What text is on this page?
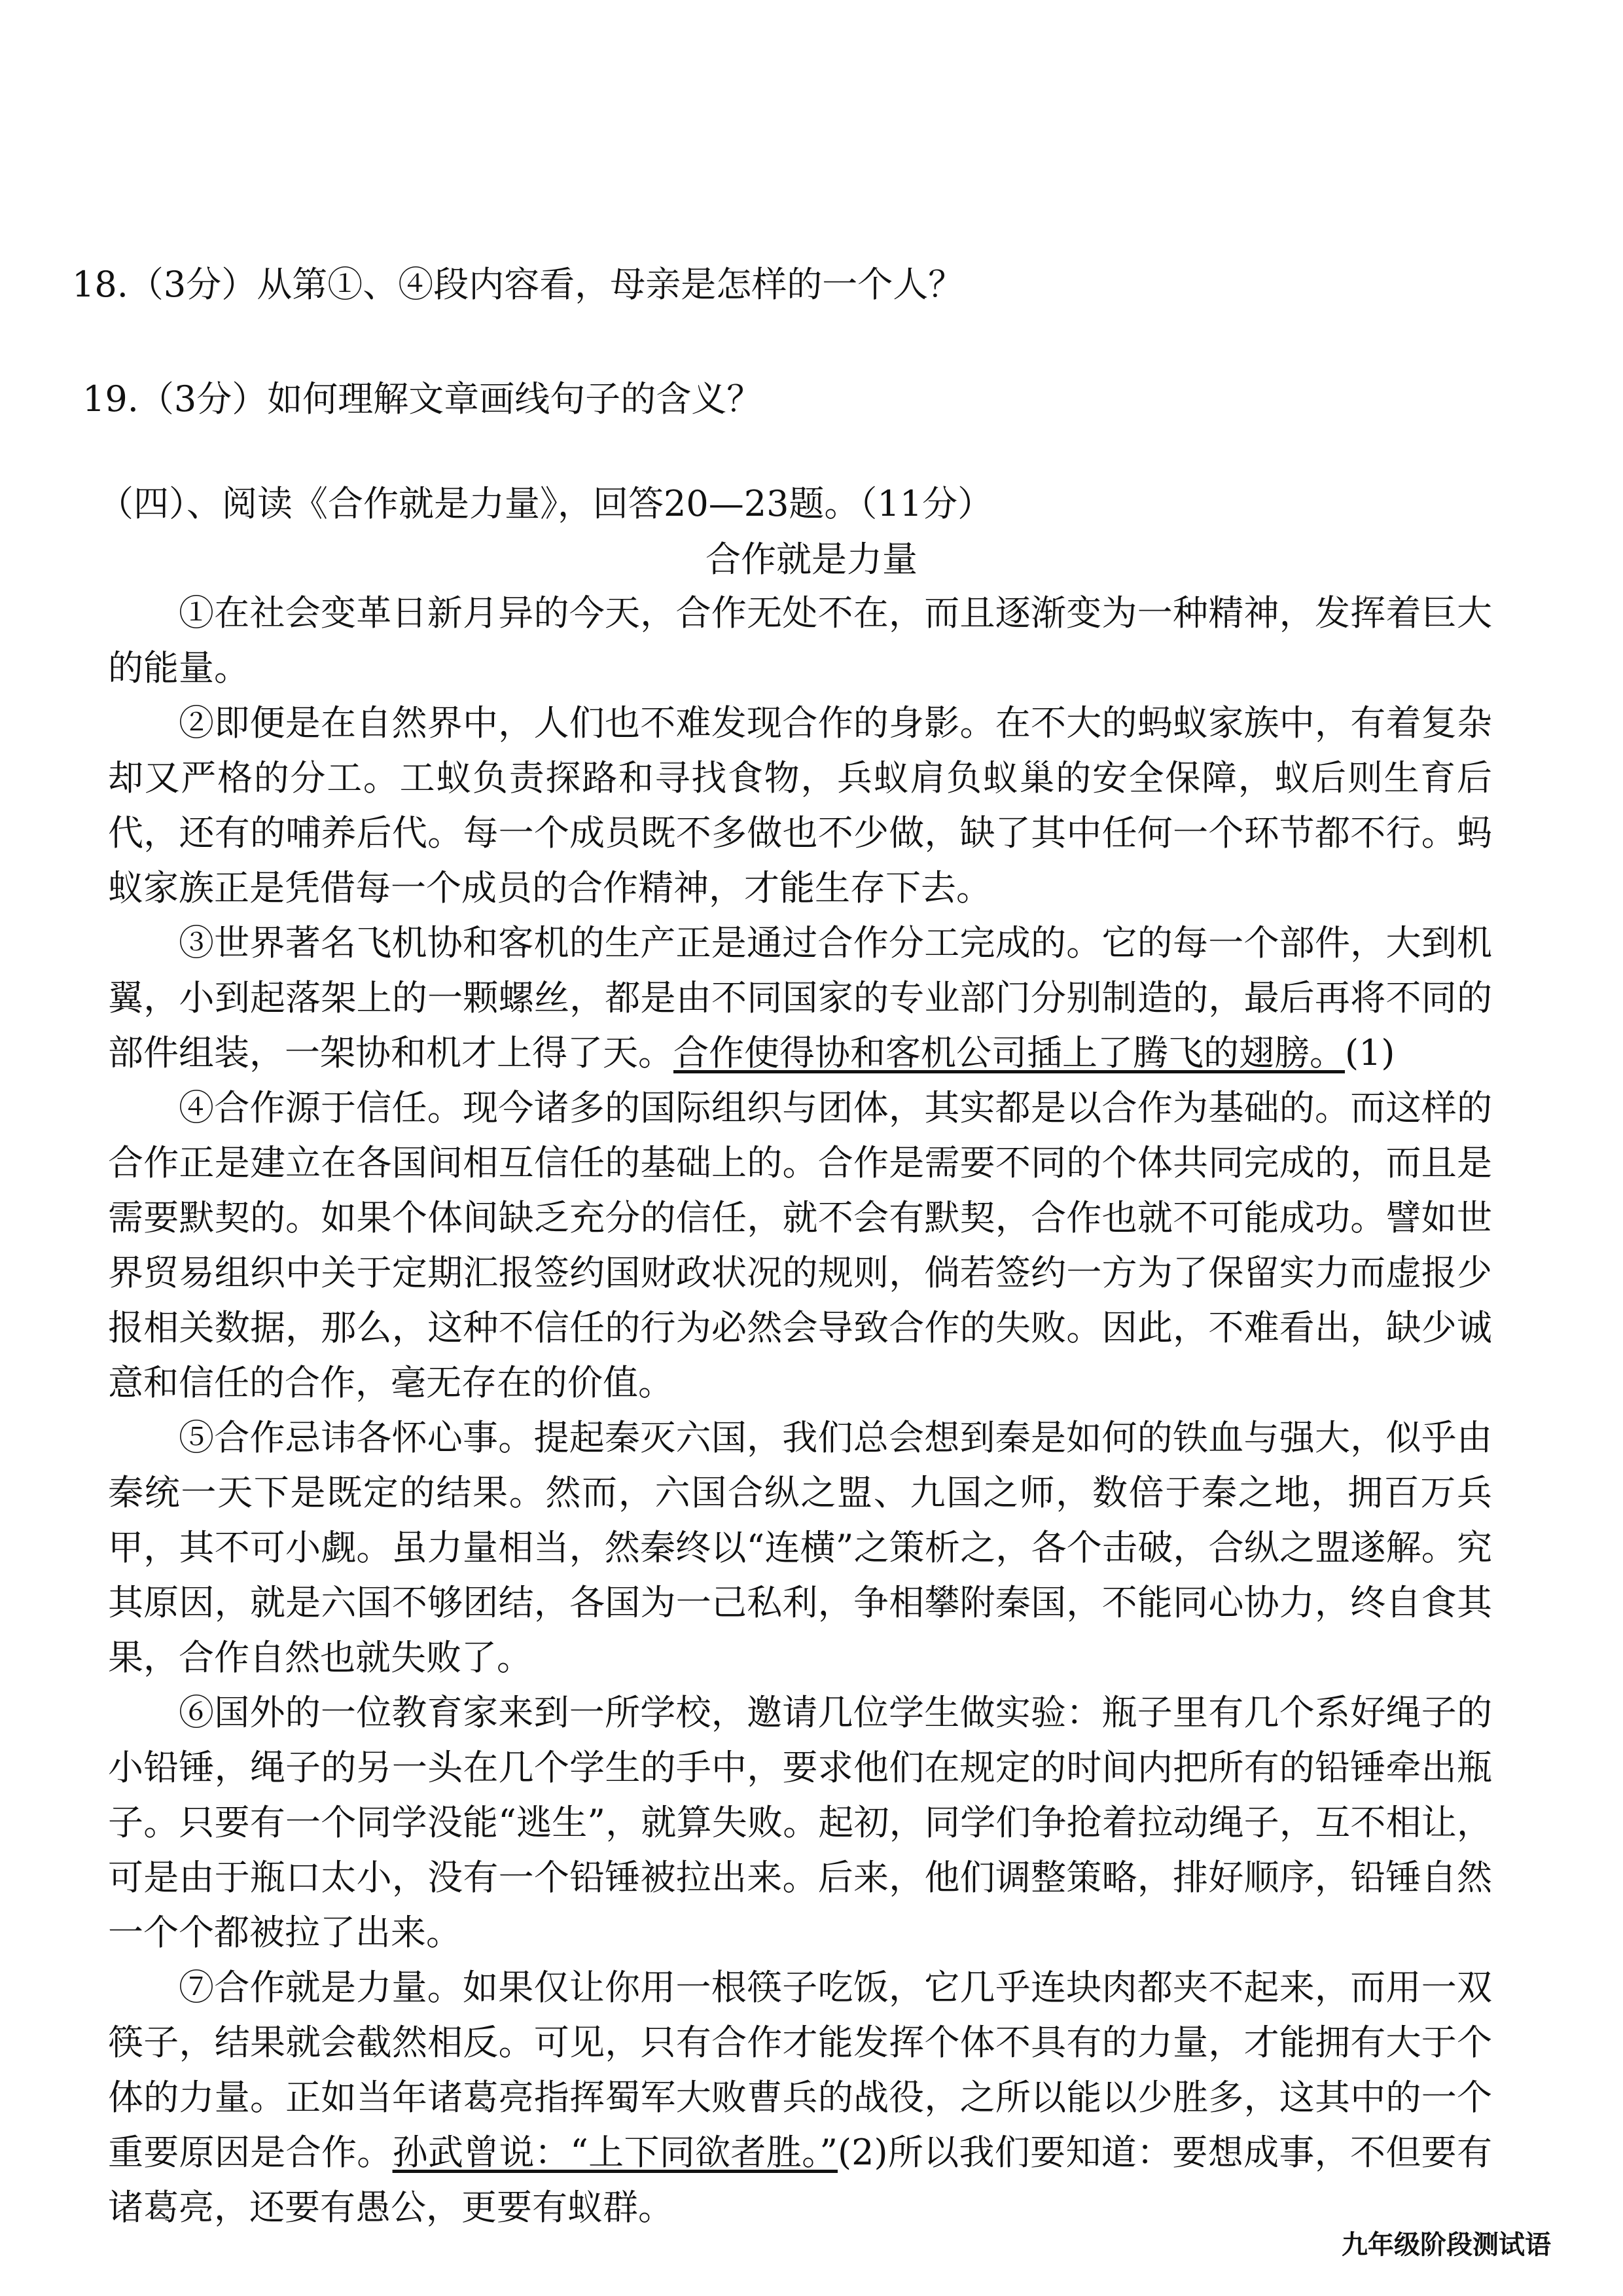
18.（3分）从第①、④段内容看，母亲是怎样的一个人？
19.（3分）如何理解文章画线句子的含义？
（四）、阅读《合作就是力量》，回答20—23题。（11分）
合作就是力量

①在社会变革日新月异的今天，合作无处不在，而且逐渐变为一种精神，发挥着巨大的能量。

②即便是在自然界中，人们也不难发现合作的身影。在不大的蚂蚁家族中，有着复杂却又严格的分工。工蚁负责探路和寻找食物，兵蚁肩负蚁巢的安全保障，蚁后则生育后代，还有的哺养后代。每一个成员既不多做也不少做，缺了其中任何一个环节都不行。蚂蚁家族正是凭借每一个成员的合作精神，才能生存下去。

③世界著名飞机协和客机的生产正是通过合作分工完成的。它的每一个部件，大到机翼，小到起落架上的一颗螺丝，都是由不同国家的专业部门分别制造的，最后再将不同的部件组装，一架协和机才上得了天。合作使得协和客机公司插上了腾飞的翅膀。(1)

④合作源于信任。现今诸多的国际组织与团体，其实都是以合作为基础的。而这样的合作正是建立在各国间相互信任的基础上的。合作是需要不同的个体共同完成的，而且是需要默契的。如果个体间缺乏充分的信任，就不会有默契，合作也就不可能成功。譬如世界贸易组织中关于定期汇报签约国财政状况的规则，倘若签约一方为了保留实力而虚报少报相关数据，那么，这种不信任的行为必然会导致合作的失败。因此，不难看出，缺少诚意和信任的合作，毫无存在的价值。

⑤合作忌讳各怀心事。提起秦灭六国，我们总会想到秦是如何的铁血与强大，似乎由秦统一天下是既定的结果。然而，六国合纵之盟、九国之师，数倍于秦之地，拥百万兵甲，其不可小觑。虽力量相当，然秦终以“连横”之策析之，各个击破，合纵之盟遂解。究其原因，就是六国不够团结，各国为一己私利，争相攀附秦国，不能同心协力，终自食其果，合作自然也就失败了。

⑥国外的一位教育家来到一所学校，邀请几位学生做实验：瓶子里有几个系好绳子的小铅锤，绳子的另一头在几个学生的手中，要求他们在规定的时间内把所有的铅锤牵出瓶子。只要有一个同学没能“逃生”，就算失败。起初，同学们争抢着拉动绳子，互不相让，可是由于瓶口太小，没有一个铅锤被拉出来。后来，他们调整策略，排好顺序，铅锤自然一个个都被拉了出来。

⑦合作就是力量。如果仅让你用一根筷子吃饭，它几乎连块肉都夹不起来，而用一双筷子，结果就会截然相反。可见，只有合作才能发挥个体不具有的力量，才能拥有大于个体的力量。正如当年诸葛亮指挥蜀军大败曹兵的战役，之所以能以少胜多，这其中的一个重要原因是合作。孙武曾说：“上下同欲者胜。”(2)所以我们要知道：要想成事，不但要有诸葛亮，还要有愚公，更要有蚁群。

九年级阶段测试语
